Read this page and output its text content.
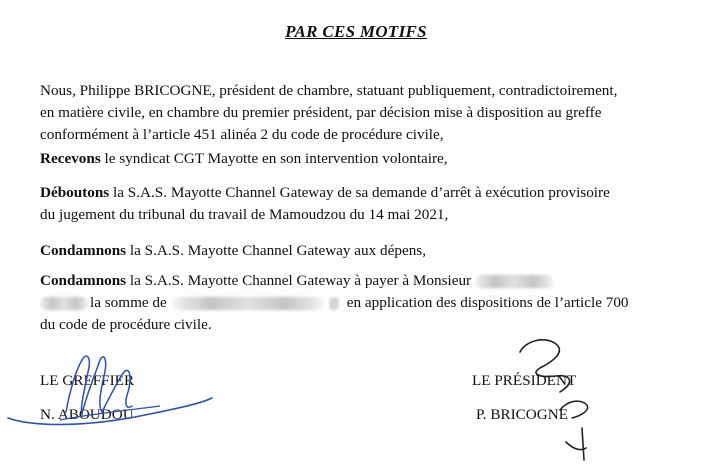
PAR CES MOTIFS
Nous, Philippe BRICOGNE, président de chambre, statuant publiquement, contradictoirement,
en matière civile, en chambre du premier président, par décision mise à disposition au greffe
conformément à l’article 451 alinéa 2 du code de procédure civile,
Recevons le syndicat CGT Mayotte en son intervention volontaire,
Déboutons la S.A.S. Mayotte Channel Gateway de sa demande d’arrêt à exécution provisoire
du jugement du tribunal du travail de Mamoudzou du 14 mai 2021,
Condamnons la S.A.S. Mayotte Channel Gateway aux dépens,
Condamnons la S.A.S. Mayotte Channel Gateway à payer à Monsieur
la somme de	en application des dispositions de l’article 700
du code de procédure civile.
LE GREFFIER
N. ABOUDOU
LE PRÉSIDENT
P. BRICOGNE
